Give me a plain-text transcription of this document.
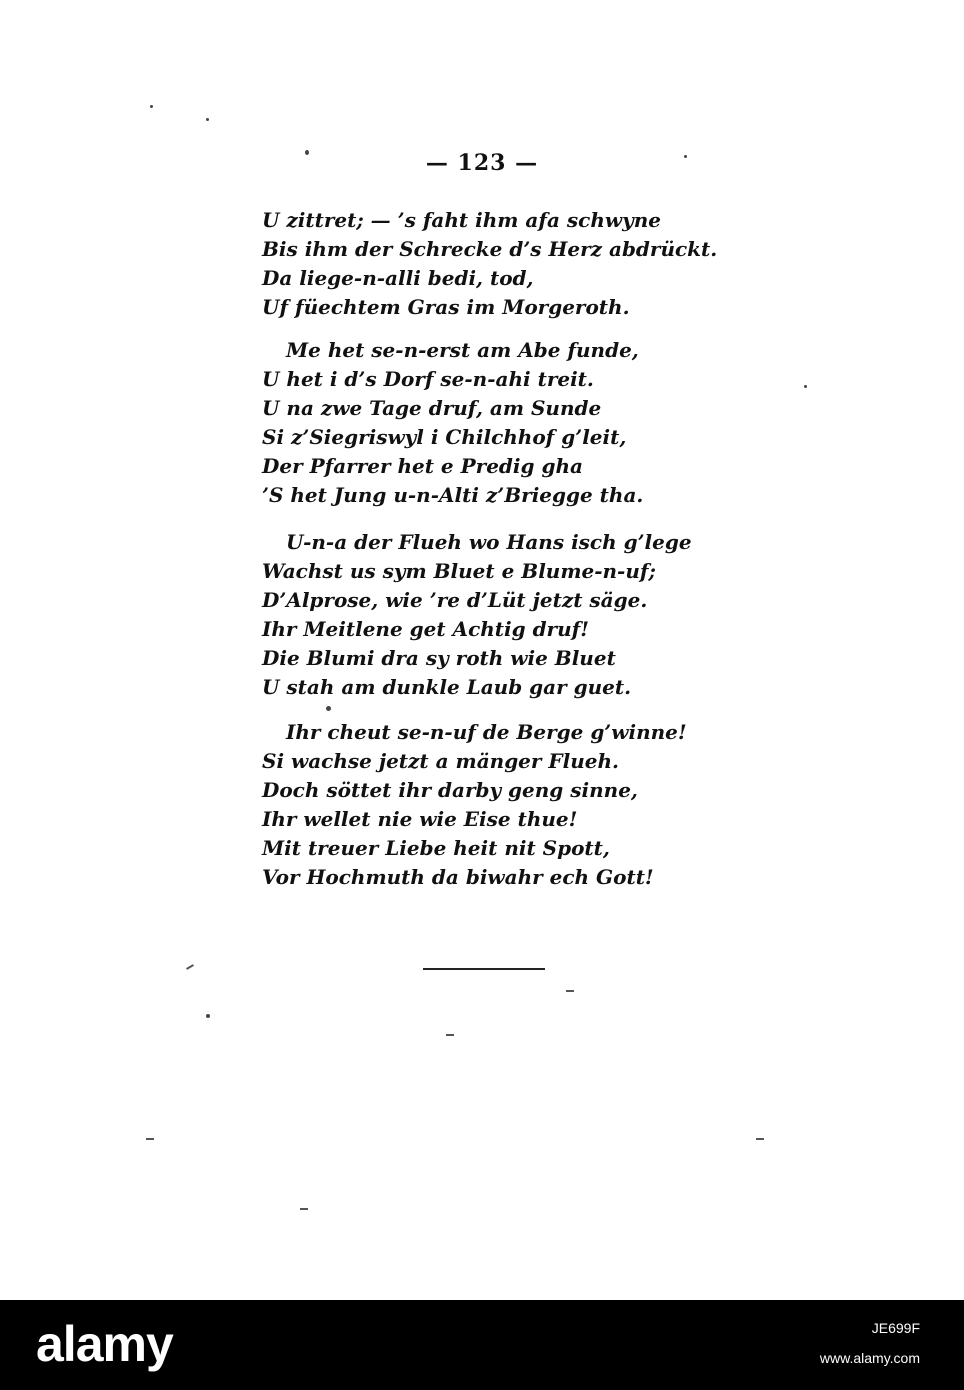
— 123 —
U zittret; — ’s faht ihm afa schwyne
Bis ihm der Schrecke d’s Herz abdrückt.
Da liege-n-alli bedi, tod,
Uf füechtem Gras im Morgeroth.
Me het se-n-erst am Abe funde,
U het i d’s Dorf se-n-ahi treit.
U na zwe Tage druf, am Sunde
Si z’Siegriswyl i Chilchhof g’leit,
Der Pfarrer het e Predig gha
’S het Jung u-n-Alti z’Briegge tha.
U-n-a der Flueh wo Hans isch g’lege
Wachst us sym Bluet e Blume-n-uf;
D’Alprose, wie ’re d’Lüt jetzt säge.
Ihr Meitlene get Achtig druf!
Die Blumi dra sy roth wie Bluet
U stah am dunkle Laub gar guet.
Ihr cheut se-n-uf de Berge g’winne!
Si wachse jetzt a mänger Flueh.
Doch söttet ihr darby geng sinne,
Ihr wellet nie wie Eise thue!
Mit treuer Liebe heit nit Spott,
Vor Hochmuth da biwahr ech Gott!
alamy	JE699F
www.alamy.com
